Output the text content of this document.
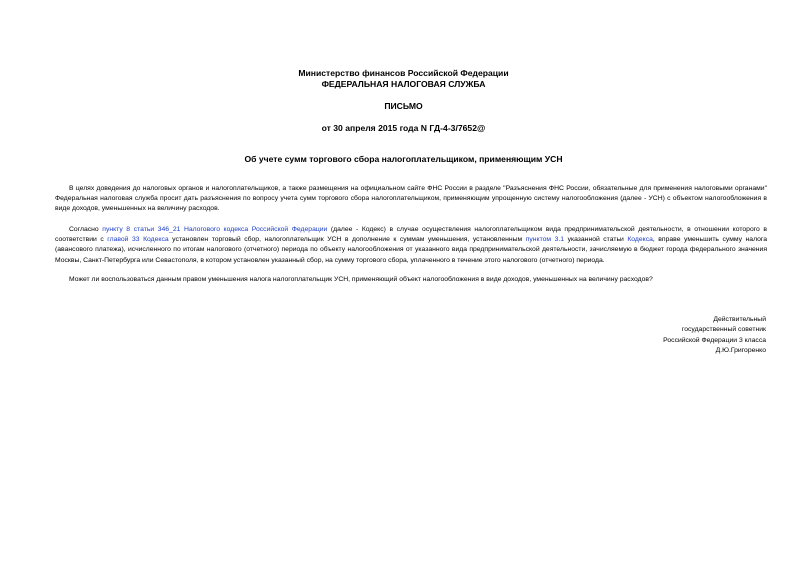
Министерство финансов Российской Федерации
ФЕДЕРАЛЬНАЯ НАЛОГОВАЯ СЛУЖБА
ПИСЬМО
от 30 апреля 2015 года N ГД-4-3/7652@
Об учете сумм торгового сбора налогоплательщиком, применяющим УСН
В целях доведения до налоговых органов и налогоплательщиков, а также размещения на официальном сайте ФНС России в разделе "Разъяснения ФНС России, обязательные для применения налоговыми органами" Федеральная налоговая служба просит дать разъяснения по вопросу учета сумм торгового сбора налогоплательщиком, применяющим упрощенную систему налогообложения (далее - УСН) с объектом налогообложения в виде доходов, уменьшенных на величину расходов.
Согласно пункту 8 статьи 346_21 Налогового кодекса Российской Федерации (далее - Кодекс) в случае осуществления налогоплательщиком вида предпринимательской деятельности, в отношении которого в соответствии с главой 33 Кодекса установлен торговый сбор, налогоплательщик УСН в дополнение к суммам уменьшения, установленным пунктом 3.1 указанной статьи Кодекса, вправе уменьшить сумму налога (авансового платежа), исчисленного по итогам налогового (отчетного) периода по объекту налогообложения от указанного вида предпринимательской деятельности, зачисляемую в бюджет города федерального значения Москвы, Санкт-Петербурга или Севастополя, в котором установлен указанный сбор, на сумму торгового сбора, уплаченного в течение этого налогового (отчетного) периода.
Может ли воспользоваться данным правом уменьшения налога налогоплательщик УСН, применяющий объект налогообложения в виде доходов, уменьшенных на величину расходов?
Действительный
государственный советник
Российской Федерации 3 класса
Д.Ю.Григоренко
